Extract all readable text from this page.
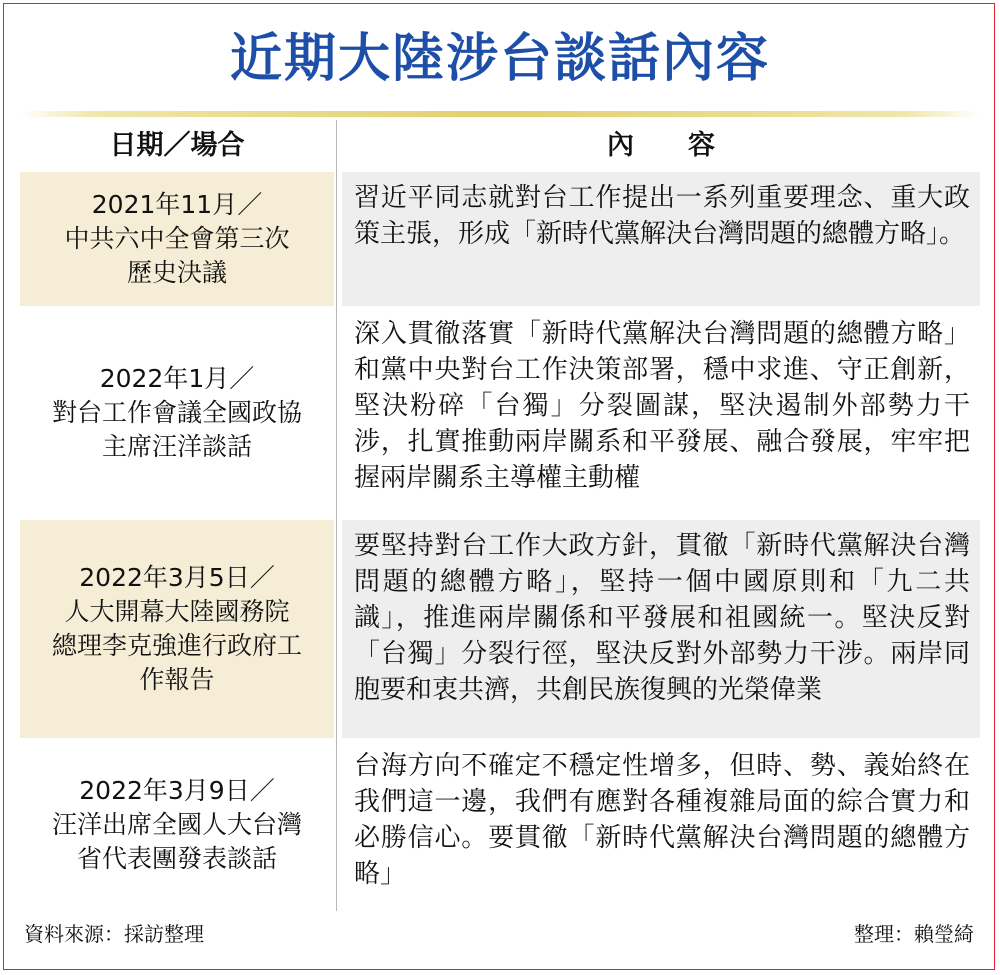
近期大陸涉台談話內容
日期／場合	內　　容
2021年11月／
中共六中全會第三次
歷史決議
習近平同志就對台工作提出一系列重要理念、重大政策主張，形成「新時代黨解決台灣問題的總體方略」。
2022年1月／
對台工作會議全國政協
主席汪洋談話
深入貫徹落實「新時代黨解決台灣問題的總體方略」和黨中央對台工作決策部署，穩中求進、守正創新，堅決粉碎「台獨」分裂圖謀，堅決遏制外部勢力干涉，扎實推動兩岸關系和平發展、融合發展，牢牢把握兩岸關系主導權主動權
2022年3月5日／
人大開幕大陸國務院
總理李克強進行政府工
作報告
要堅持對台工作大政方針，貫徹「新時代黨解決台灣問題的總體方略」，堅持一個中國原則和「九二共識」，推進兩岸關係和平發展和祖國統一。堅決反對「台獨」分裂行徑，堅決反對外部勢力干涉。兩岸同胞要和衷共濟，共創民族復興的光榮偉業
2022年3月9日／
汪洋出席全國人大台灣
省代表團發表談話
台海方向不確定不穩定性增多，但時、勢、義始終在我們這一邊，我們有應對各種複雜局面的綜合實力和必勝信心。要貫徹「新時代黨解決台灣問題的總體方略」
資料來源：採訪整理	整理：賴瑩綺
